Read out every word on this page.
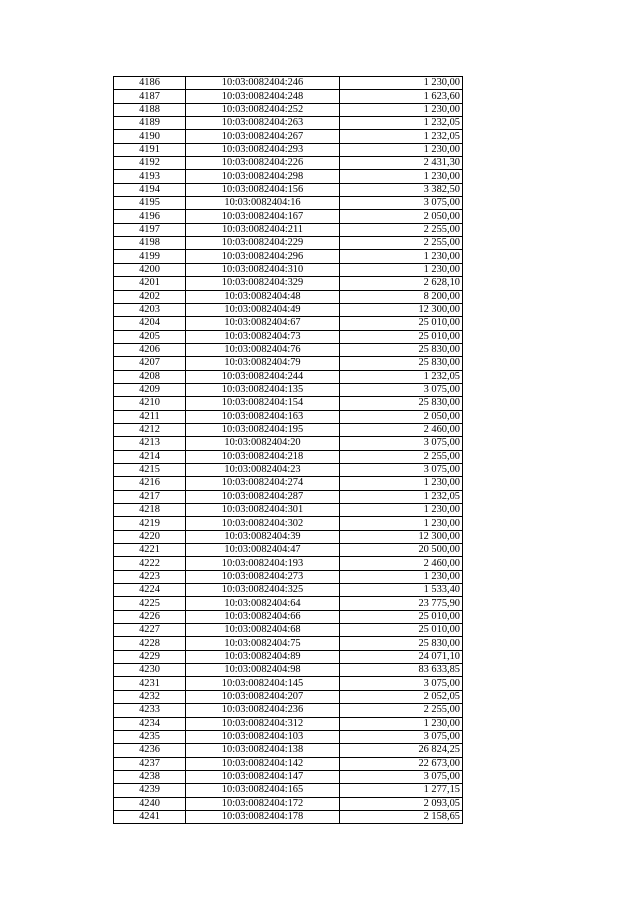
4186	10:03:0082404:246	1 230,00
4187	10:03:0082404:248	1 623,60
4188	10:03:0082404:252	1 230,00
4189	10:03:0082404:263	1 232,05
4190	10:03:0082404:267	1 232,05
4191	10:03:0082404:293	1 230,00
4192	10:03:0082404:226	2 431,30
4193	10:03:0082404:298	1 230,00
4194	10:03:0082404:156	3 382,50
4195	10:03:0082404:16	3 075,00
4196	10:03:0082404:167	2 050,00
4197	10:03:0082404:211	2 255,00
4198	10:03:0082404:229	2 255,00
4199	10:03:0082404:296	1 230,00
4200	10:03:0082404:310	1 230,00
4201	10:03:0082404:329	2 628,10
4202	10:03:0082404:48	8 200,00
4203	10:03:0082404:49	12 300,00
4204	10:03:0082404:67	25 010,00
4205	10:03:0082404:73	25 010,00
4206	10:03:0082404:76	25 830,00
4207	10:03:0082404:79	25 830,00
4208	10:03:0082404:244	1 232,05
4209	10:03:0082404:135	3 075,00
4210	10:03:0082404:154	25 830,00
4211	10:03:0082404:163	2 050,00
4212	10:03:0082404:195	2 460,00
4213	10:03:0082404:20	3 075,00
4214	10:03:0082404:218	2 255,00
4215	10:03:0082404:23	3 075,00
4216	10:03:0082404:274	1 230,00
4217	10:03:0082404:287	1 232,05
4218	10:03:0082404:301	1 230,00
4219	10:03:0082404:302	1 230,00
4220	10:03:0082404:39	12 300,00
4221	10:03:0082404:47	20 500,00
4222	10:03:0082404:193	2 460,00
4223	10:03:0082404:273	1 230,00
4224	10:03:0082404:325	1 533,40
4225	10:03:0082404:64	23 775,90
4226	10:03:0082404:66	25 010,00
4227	10:03:0082404:68	25 010,00
4228	10:03:0082404:75	25 830,00
4229	10:03:0082404:89	24 071,10
4230	10:03:0082404:98	83 633,85
4231	10:03:0082404:145	3 075,00
4232	10:03:0082404:207	2 052,05
4233	10:03:0082404:236	2 255,00
4234	10:03:0082404:312	1 230,00
4235	10:03:0082404:103	3 075,00
4236	10:03:0082404:138	26 824,25
4237	10:03:0082404:142	22 673,00
4238	10:03:0082404:147	3 075,00
4239	10:03:0082404:165	1 277,15
4240	10:03:0082404:172	2 093,05
4241	10:03:0082404:178	2 158,65
